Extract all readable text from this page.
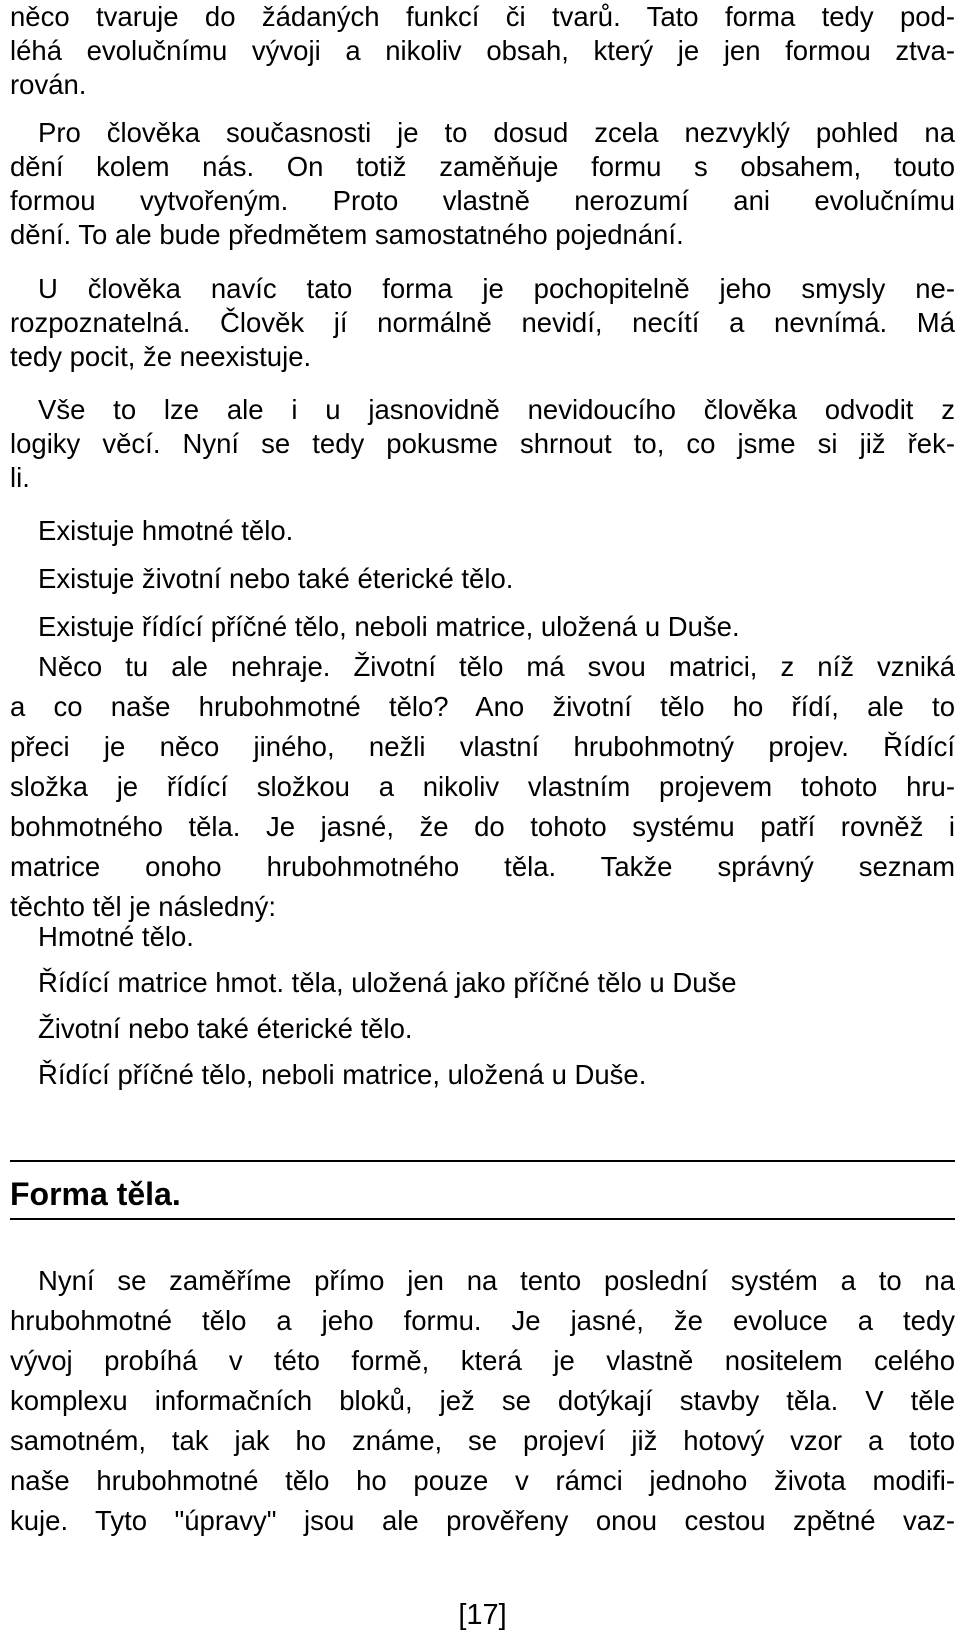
něco tvaruje do žádaných funkcí či tvarů. Tato forma tedy pod-
léhá evolučnímu vývoji a nikoliv obsah, který je jen formou ztva-
rován.
Pro člověka současnosti je to dosud zcela nezvyklý pohled na
dění kolem nás. On totiž zaměňuje formu s obsahem, touto
formou vytvořeným. Proto vlastně nerozumí ani evolučnímu
dění. To ale bude předmětem samostatného pojednání.
U člověka navíc tato forma je pochopitelně jeho smysly ne-
rozpoznatelná. Člověk jí normálně nevidí, necítí a nevnímá. Má
tedy pocit, že neexistuje.
Vše to lze ale i u jasnovidně nevidoucího člověka odvodit z
logiky věcí. Nyní se tedy pokusme shrnout to, co jsme si již řek-
li.
Existuje hmotné tělo.
Existuje životní nebo také éterické tělo.
Existuje řídící příčné tělo, neboli matrice, uložená u Duše.
Něco tu ale nehraje. Životní tělo má svou matrici, z níž vzniká
a co naše hrubohmotné tělo? Ano životní tělo ho řídí, ale to
přeci je něco jiného, nežli vlastní hrubohmotný projev. Řídící
složka je řídící složkou a nikoliv vlastním projevem tohoto hru-
bohmotného těla. Je jasné, že do tohoto systému patří rovněž i
matrice onoho hrubohmotného těla. Takže správný seznam
těchto těl je následný:
Hmotné tělo.
Řídící matrice hmot. těla, uložená jako příčné tělo u Duše
Životní nebo také éterické tělo.
Řídící příčné tělo, neboli matrice, uložená u Duše.

Forma těla.

Nyní se zaměříme přímo jen na tento poslední systém a to na
hrubohmotné tělo a jeho formu. Je jasné, že evoluce a tedy
vývoj probíhá v této formě, která je vlastně nositelem celého
komplexu informačních bloků, jež se dotýkají stavby těla. V těle
samotném, tak jak ho známe, se projeví již hotový vzor a toto
naše hrubohmotné tělo ho pouze v rámci jednoho života modifi-
kuje. Tyto "úpravy" jsou ale prověřeny onou cestou zpětné vaz-

[17]
